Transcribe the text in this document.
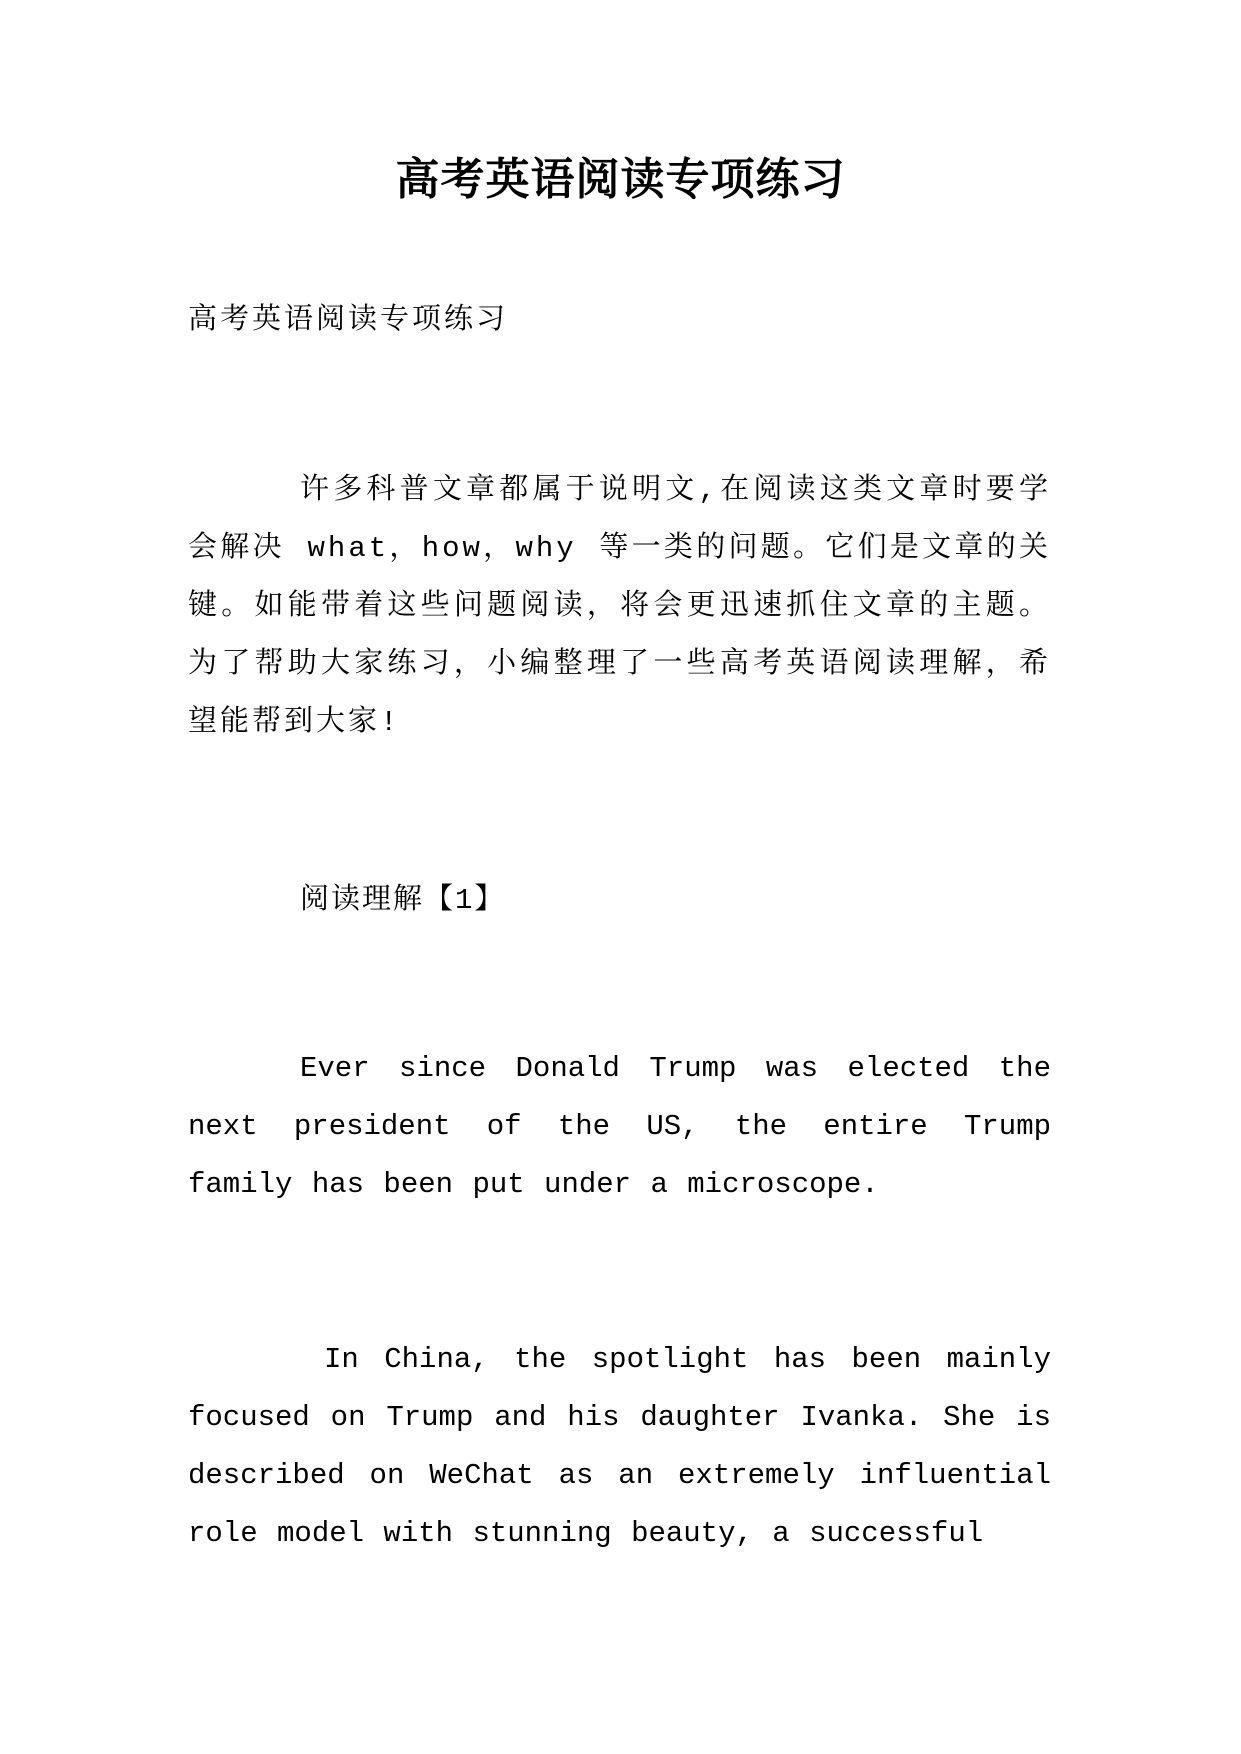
高考英语阅读专项练习
高考英语阅读专项练习
许多科普文章都属于说明文,在阅读这类文章时要学会解决 what，how，why 等一类的问题。它们是文章的关键。如能带着这些问题阅读，将会更迅速抓住文章的主题。为了帮助大家练习，小编整理了一些高考英语阅读理解，希望能帮到大家!
阅读理解【1】
Ever since Donald Trump was elected the next president of the US, the entire Trump family has been put under a microscope.
In China, the spotlight has been mainly focused on Trump and his daughter Ivanka. She is described on WeChat as an extremely influential role model with stunning beauty, a successful
